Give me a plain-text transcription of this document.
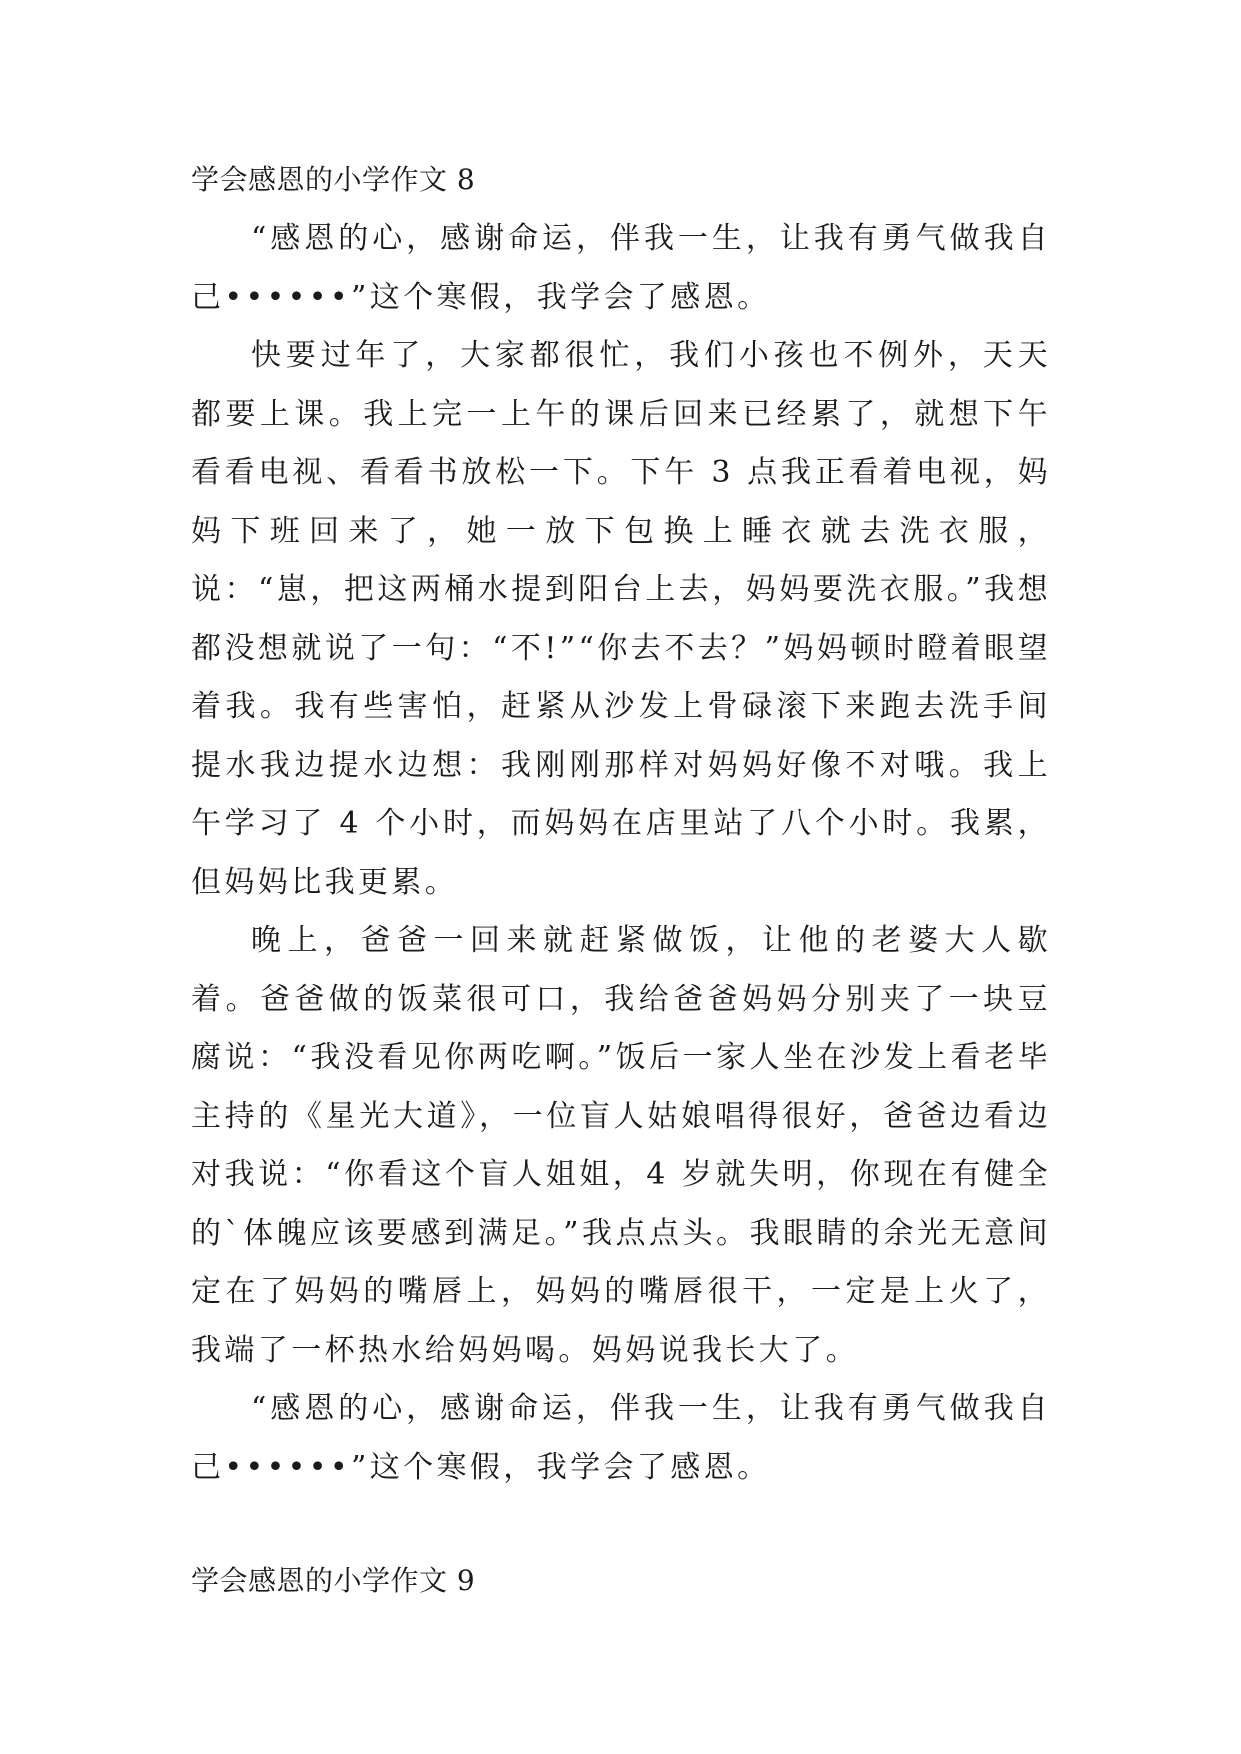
学会感恩的小学作文 8

“感恩的心，感谢命运，伴我一生，让我有勇气做我自己••••••”这个寒假，我学会了感恩。

快要过年了，大家都很忙，我们小孩也不例外，天天都要上课。我上完一上午的课后回来已经累了，就想下午看看电视、看看书放松一下。下午 3 点我正看着电视，妈妈下班回来了，她一放下包换上睡衣就去洗衣服，说：“崽，把这两桶水提到阳台上去，妈妈要洗衣服。”我想都没想就说了一句：“不!”“你去不去？”妈妈顿时瞪着眼望着我。我有些害怕，赶紧从沙发上骨碌滚下来跑去洗手间提水我边提水边想：我刚刚那样对妈妈好像不对哦。我上午学习了 4 个小时，而妈妈在店里站了八个小时。我累，但妈妈比我更累。

晚上，爸爸一回来就赶紧做饭，让他的老婆大人歇着。爸爸做的饭菜很可口，我给爸爸妈妈分别夹了一块豆腐说：“我没看见你两吃啊。”饭后一家人坐在沙发上看老毕主持的《星光大道》，一位盲人姑娘唱得很好，爸爸边看边对我说：“你看这个盲人姐姐，4 岁就失明，你现在有健全的`体魄应该要感到满足。”我点点头。我眼睛的余光无意间定在了妈妈的嘴唇上，妈妈的嘴唇很干，一定是上火了，我端了一杯热水给妈妈喝。妈妈说我长大了。

“感恩的心，感谢命运，伴我一生，让我有勇气做我自己••••••”这个寒假，我学会了感恩。

学会感恩的小学作文 9
